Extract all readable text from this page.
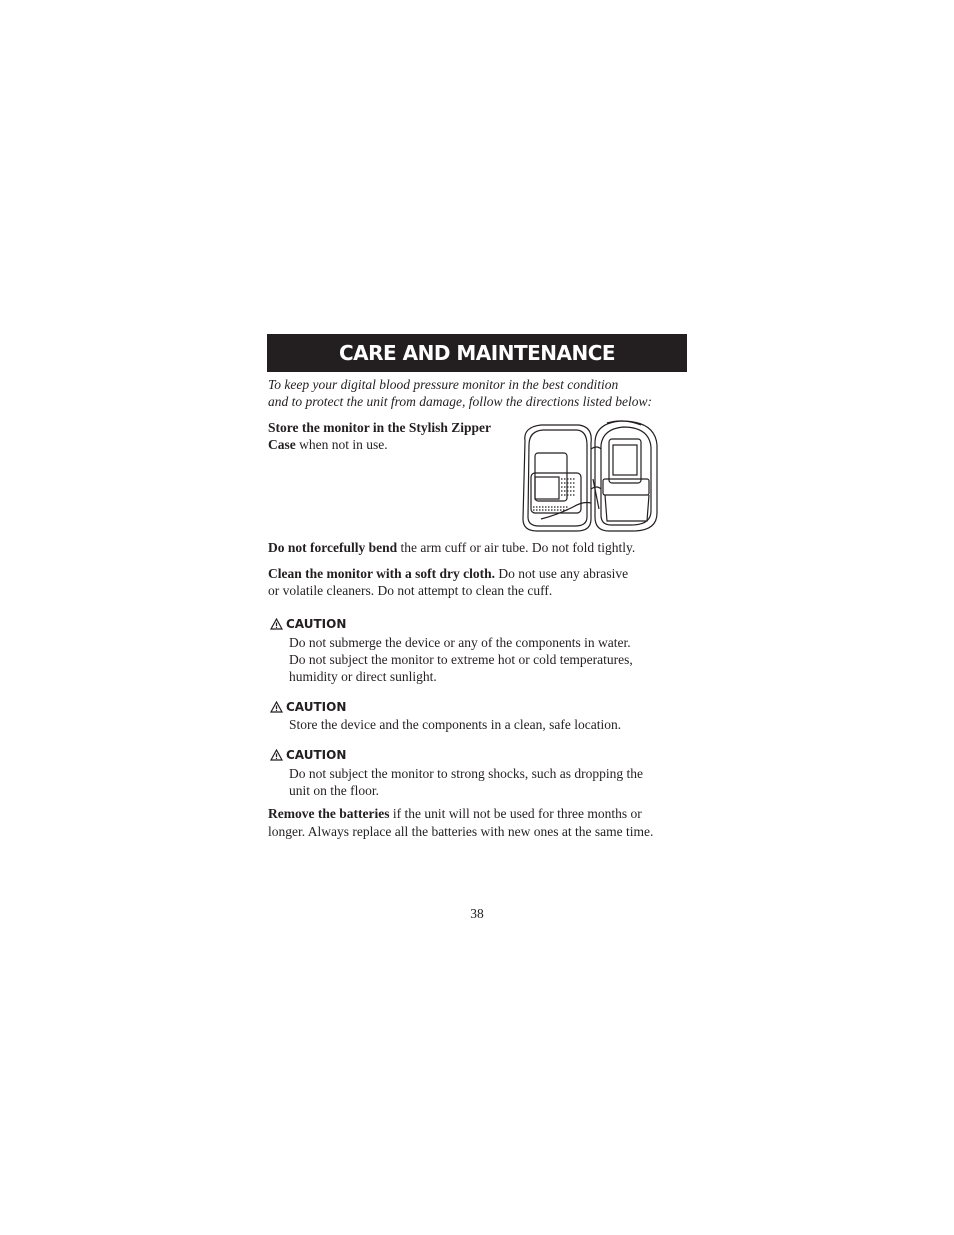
CARE AND MAINTENANCE
To keep your digital blood pressure monitor in the best condition
and to protect the unit from damage, follow the directions listed below:
Store the monitor in the Stylish Zipper
Case when not in use.
Do not forcefully bend the arm cuff or air tube. Do not fold tightly.
Clean the monitor with a soft dry cloth. Do not use any abrasive
or volatile cleaners. Do not attempt to clean the cuff.
CAUTION
Do not submerge the device or any of the components in water.
Do not subject the monitor to extreme hot or cold temperatures,
humidity or direct sunlight.
CAUTION
Store the device and the components in a clean, safe location.
CAUTION
Do not subject the monitor to strong shocks, such as dropping the
unit on the floor.
Remove the batteries if the unit will not be used for three months or
longer. Always replace all the batteries with new ones at the same time.
38
